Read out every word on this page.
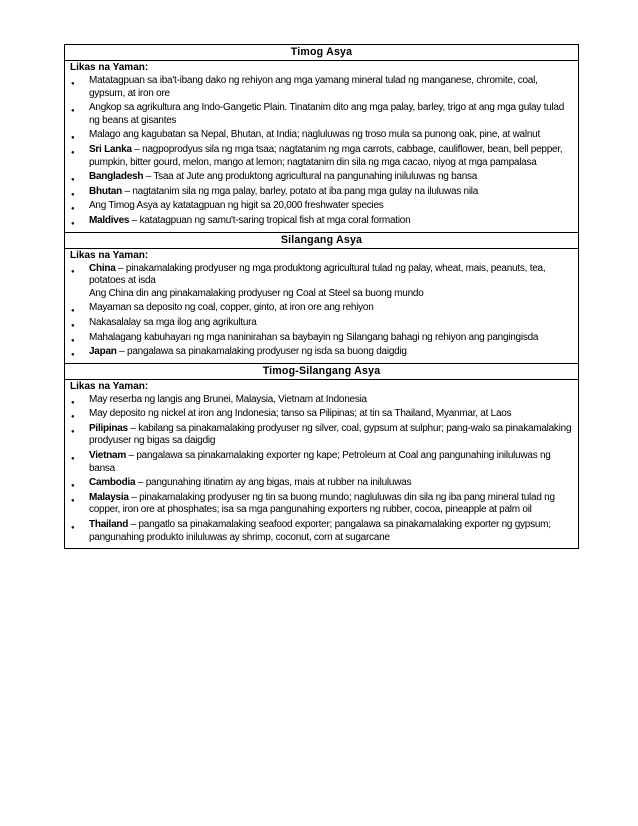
Timog Asya

Likas na Yaman:
● Matatagpuan sa iba't-ibang dako ng rehiyon ang mga yamang mineral tulad ng manganese, chromite, coal, gypsum, at iron ore
● Angkop sa agrikultura ang Indo-Gangetic Plain. Tinatanim dito ang mga palay, barley, trigo at ang mga gulay tulad ng beans at gisantes
● Malago ang kagubatan sa Nepal, Bhutan, at India; nagluluwas ng troso mula sa punong oak, pine, at walnut
● Sri Lanka – nagpoprodyus sila ng mga tsaa; nagtatanim ng mga carrots, cabbage, cauliflower, bean, bell pepper, pumpkin, bitter gourd, melon, mango at lemon; nagtatanim din sila ng mga cacao, niyog at mga pampalasa
● Bangladesh – Tsaa at Jute ang produktong agricultural na pangunahing iniluluwas ng bansa
● Bhutan – nagtatanim sila ng mga palay, barley, potato at iba pang mga gulay na iluluwas nila
● Ang Timog Asya ay katatagpuan ng higit sa 20,000 freshwater species
● Maldives – katatagpuan ng samu't-saring tropical fish at mga coral formation

Silangang Asya

Likas na Yaman:
● China – pinakamalaking prodyuser ng mga produktong agricultural tulad ng palay, wheat, mais, peanuts, tea, potatoes at isda
Ang China din ang pinakamalaking prodyuser ng Coal at Steel sa buong mundo
● Mayaman sa deposito ng coal, copper, ginto, at iron ore ang rehiyon
● Nakasalalay sa mga ilog ang agrikultura
● Mahalagang kabuhayan ng mga naninirahan sa baybayin ng Silangang bahagi ng rehiyon ang pangingisda
● Japan – pangalawa sa pinakamalaking prodyuser ng isda sa buong daigdig

Timog-Silangang Asya

Likas na Yaman:
● May reserba ng langis ang Brunei, Malaysia, Vietnam at Indonesia
● May deposito ng nickel at iron ang Indonesia; tanso sa Pilipinas; at tin sa Thailand, Myanmar, at Laos
● Pilipinas – kabilang sa pinakamalaking prodyuser ng silver, coal, gypsum at sulphur; pang-walo sa pinakamalaking prodyuser ng bigas sa daigdig
● Vietnam – pangalawa sa pinakamalaking exporter ng kape; Petroleum at Coal ang pangunahing iniluluwas ng bansa
● Cambodia – pangunahing itinatim ay ang bigas, mais at rubber na iniluluwas
● Malaysia – pinakamalaking prodyuser ng tin sa buong mundo; nagluluwas din sila ng iba pang mineral tulad ng copper, iron ore at phosphates; isa sa mga pangunahing exporters ng rubber, cocoa, pineapple at palm oil
● Thailand – pangatlo sa pinakamalaking seafood exporter; pangalawa sa pinakamalaking exporter ng gypsum; pangunahing produkto iniluluwas ay shrimp, coconut, corn at sugarcane
